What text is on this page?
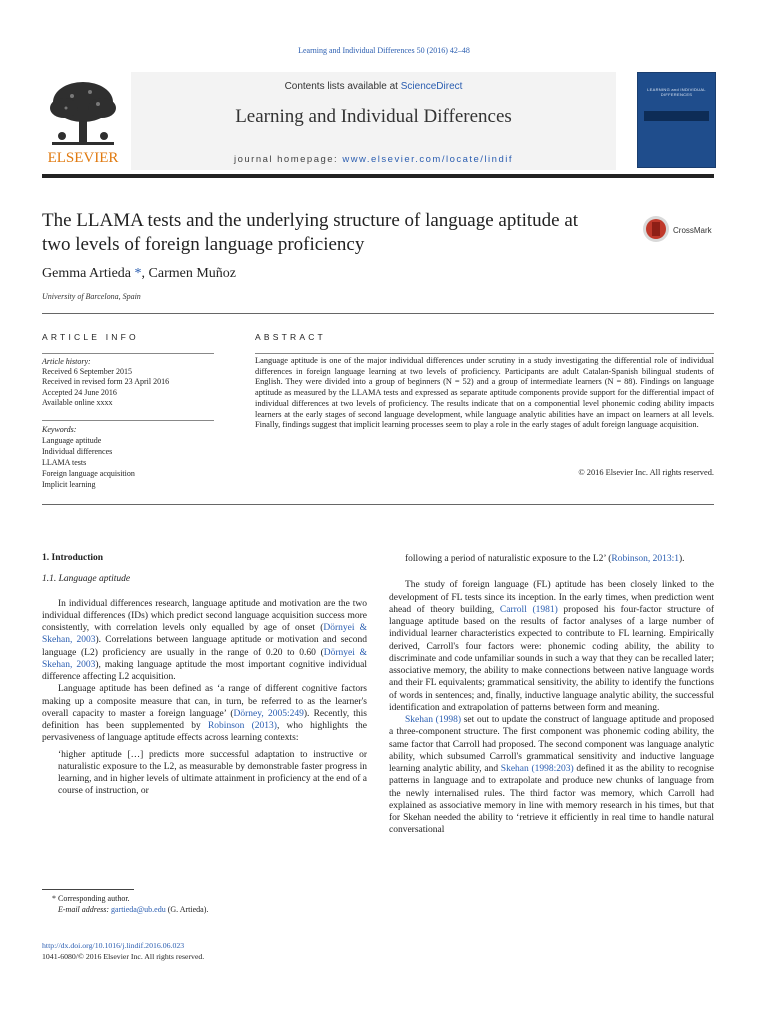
Learning and Individual Differences 50 (2016) 42–48
ELSEVIER
Contents lists available at ScienceDirect
Learning and Individual Differences
journal homepage: www.elsevier.com/locate/lindif
LEARNING and INDIVIDUAL DIFFERENCES
The LLAMA tests and the underlying structure of language aptitude at
two levels of foreign language proficiency
CrossMark
Gemma Artieda *, Carmen Muñoz
University of Barcelona, Spain
ARTICLE INFO	ABSTRACT
Article history:
Received 6 September 2015
Received in revised form 23 April 2016
Accepted 24 June 2016
Available online xxxx
Keywords:
Language aptitude
Individual differences
LLAMA tests
Foreign language acquisition
Implicit learning
Language aptitude is one of the major individual differences under scrutiny in a study investigating the differential role of individual differences in foreign language learning at two levels of proficiency. Participants are adult Catalan-Spanish bilingual students of English. They were divided into a group of beginners (N = 52) and a group of intermediate learners (N = 88). Findings on language aptitude as measured by the LLAMA tests and expressed as separate aptitude components provide support for the differential impact of individual differences at two levels of proficiency. The results indicate that on a componential level phonemic coding ability impacts learners at the early stages of second language development, while language analytic abilities have an impact on learners at all levels. Finally, findings suggest that implicit learning processes seem to play a role in the early stages of adult foreign language acquisition.
© 2016 Elsevier Inc. All rights reserved.

1. Introduction

1.1. Language aptitude

In individual differences research, language aptitude and motivation are the two individual differences (IDs) which predict second language acquisition success more consistently, with correlation levels only equalled by age of onset (Dörnyei & Skehan, 2003). Correlations between language aptitude or motivation and second language (L2) proficiency are usually in the range of 0.20 to 0.60 (Dörnyei & Skehan, 2003), making language aptitude the most important cognitive individual difference affecting L2 acquisition.

Language aptitude has been defined as ‘a range of different cognitive factors making up a composite measure that can, in turn, be referred to as the learner's overall capacity to master a foreign language’ (Dörney, 2005:249). Recently, this definition has been supplemented by Robinson (2013), who highlights the pervasiveness of language aptitude effects across learning contexts:

‘higher aptitude […] predicts more successful adaptation to instructive or naturalistic exposure to the L2, as measurable by demonstrable faster progress in learning, and in higher levels of ultimate attainment in proficiency at the end of a course of instruction, or

following a period of naturalistic exposure to the L2’ (Robinson, 2013:1).

The study of foreign language (FL) aptitude has been closely linked to the development of FL tests since its inception. In the early times, when prediction went ahead of theory building, Carroll (1981) proposed his four-factor structure of language aptitude based on the results of factor analyses of a large number of individual learner characteristics expected to contribute to FL learning. Empirically derived, Carroll's four factors were: phonemic coding ability, the ability to discriminate and code unfamiliar sounds in such a way that they can be recalled later; associative memory, the ability to make connections between native language words and their FL equivalents; grammatical sensitivity, the ability to identify the functions of words in sentences; and, finally, inductive language analytic ability, the successful identification and extrapolation of patterns between form and meaning.

Skehan (1998) set out to update the construct of language aptitude and proposed a three-component structure. The first component was phonemic coding ability, the same factor that Carroll had proposed. The second component was language analytic ability, which subsumed Carroll's grammatical sensitivity and inductive language learning analytic ability, and Skehan (1998:203) defined it as the ability to recognise patterns in language and to extrapolate and produce new chunks of language from the newly internalised rules. The third factor was memory, which Carroll had explained as associative memory in line with memory research in his times, but that for Skehan needed the ability to ‘retrieve it efficiently in real time to handle natural conversational

* Corresponding author.
E-mail address: gartieda@ub.edu (G. Artieda).
http://dx.doi.org/10.1016/j.lindif.2016.06.023
1041-6080/© 2016 Elsevier Inc. All rights reserved.
